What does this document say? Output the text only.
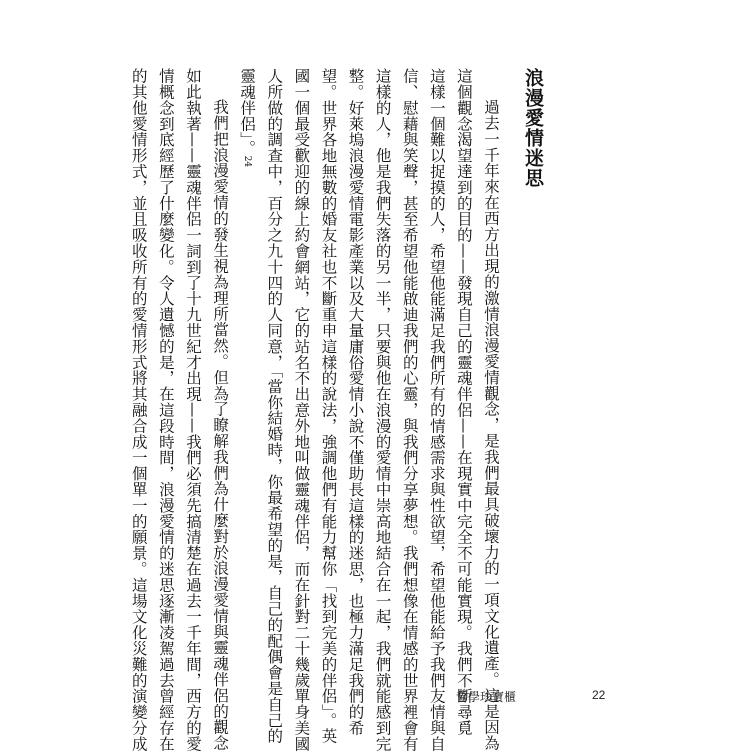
浪漫愛情迷思
過去一千年來在西方出現的激情浪漫愛情觀念，是我們最具破壞力的一項文化遺產。這是因為
這個觀念渴望達到的目的——發現自己的靈魂伴侶——在現實中完全不可能實現。我們不斷尋覓
這樣一個難以捉摸的人，希望他能滿足我們所有的情感需求與性欲望，希望他能給予我們友情與自
信、慰藉與笑聲，甚至希望他能啟迪我們的心靈，與我們分享夢想。我們想像在情感的世界裡會有
這樣的人，他是我們失落的另一半，只要與他在浪漫的愛情中崇高地結合在一起，我們就能感到完
整。好萊塢浪漫愛情電影產業以及大量庸俗愛情小說不僅助長這樣的迷思，也極力滿足我們的希
望。世界各地無數的婚友社也不斷重申這樣的說法，強調他們有能力幫你「找到完美的伴侶」。英
國一個最受歡迎的線上約會網站，它的站名不出意外地叫做靈魂伴侶，而在針對二十幾歲單身美國
人所做的調查中，百分之九十四的人同意，「當你結婚時，你最希望的是，自己的配偶會是自己的
靈魂伴侶」。$^{24}$
我們把浪漫愛情的發生視為理所當然。但為了瞭解我們為什麼對於浪漫愛情與靈魂伴侶的觀念
如此執著——靈魂伴侶一詞到了十九世紀才出現——我們必須先搞清楚在過去一千年間，西方的愛
情概念到底經歷了什麼變化。令人遺憾的是，在這段時間，浪漫愛情的迷思逐漸凌駕過去曾經存在
的其他愛情形式，並且吸收所有的愛情形式將其融合成一個單一的願景。這場文化災難的演變分成	哲學珍寶櫃	22
